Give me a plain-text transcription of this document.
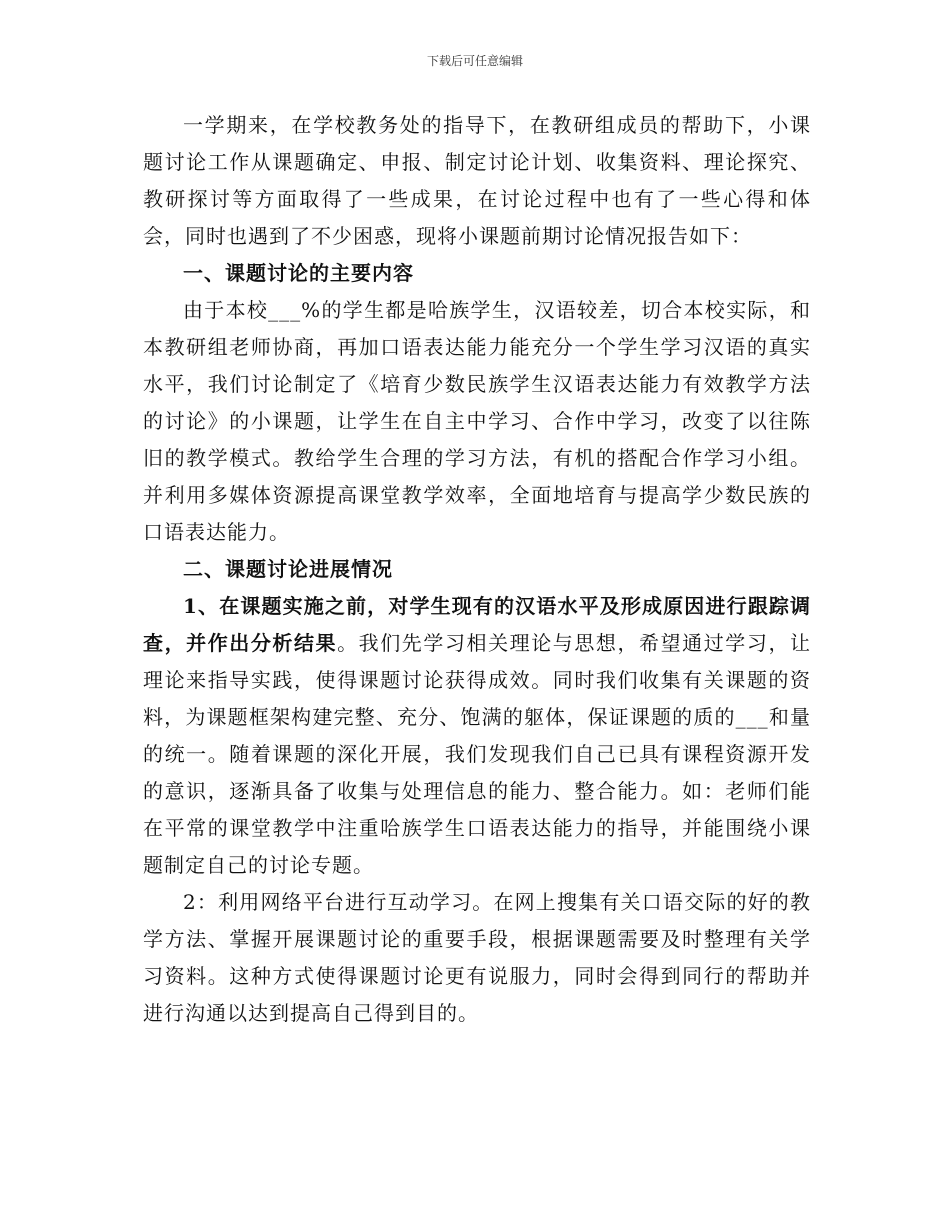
下载后可任意编辑

一学期来，在学校教务处的指导下，在教研组成员的帮助下，小课题讨论工作从课题确定、申报、制定讨论计划、收集资料、理论探究、教研探讨等方面取得了一些成果，在讨论过程中也有了一些心得和体会，同时也遇到了不少困惑，现将小课题前期讨论情况报告如下：

一、课题讨论的主要内容

由于本校___%的学生都是哈族学生，汉语较差，切合本校实际，和本教研组老师协商，再加口语表达能力能充分一个学生学习汉语的真实水平，我们讨论制定了《培育少数民族学生汉语表达能力有效教学方法的讨论》的小课题，让学生在自主中学习、合作中学习，改变了以往陈旧的教学模式。教给学生合理的学习方法，有机的搭配合作学习小组。并利用多媒体资源提高课堂教学效率，全面地培育与提高学少数民族的口语表达能力。

二、课题讨论进展情况

1、在课题实施之前，对学生现有的汉语水平及形成原因进行跟踪调查，并作出分析结果。我们先学习相关理论与思想，希望通过学习，让理论来指导实践，使得课题讨论获得成效。同时我们收集有关课题的资料，为课题框架构建完整、充分、饱满的躯体，保证课题的质的___和量的统一。随着课题的深化开展，我们发现我们自己已具有课程资源开发的意识，逐渐具备了收集与处理信息的能力、整合能力。如：老师们能在平常的课堂教学中注重哈族学生口语表达能力的指导，并能围绕小课题制定自己的讨论专题。

2：利用网络平台进行互动学习。在网上搜集有关口语交际的好的教学方法、掌握开展课题讨论的重要手段，根据课题需要及时整理有关学习资料。这种方式使得课题讨论更有说服力，同时会得到同行的帮助并进行沟通以达到提高自己得到目的。
